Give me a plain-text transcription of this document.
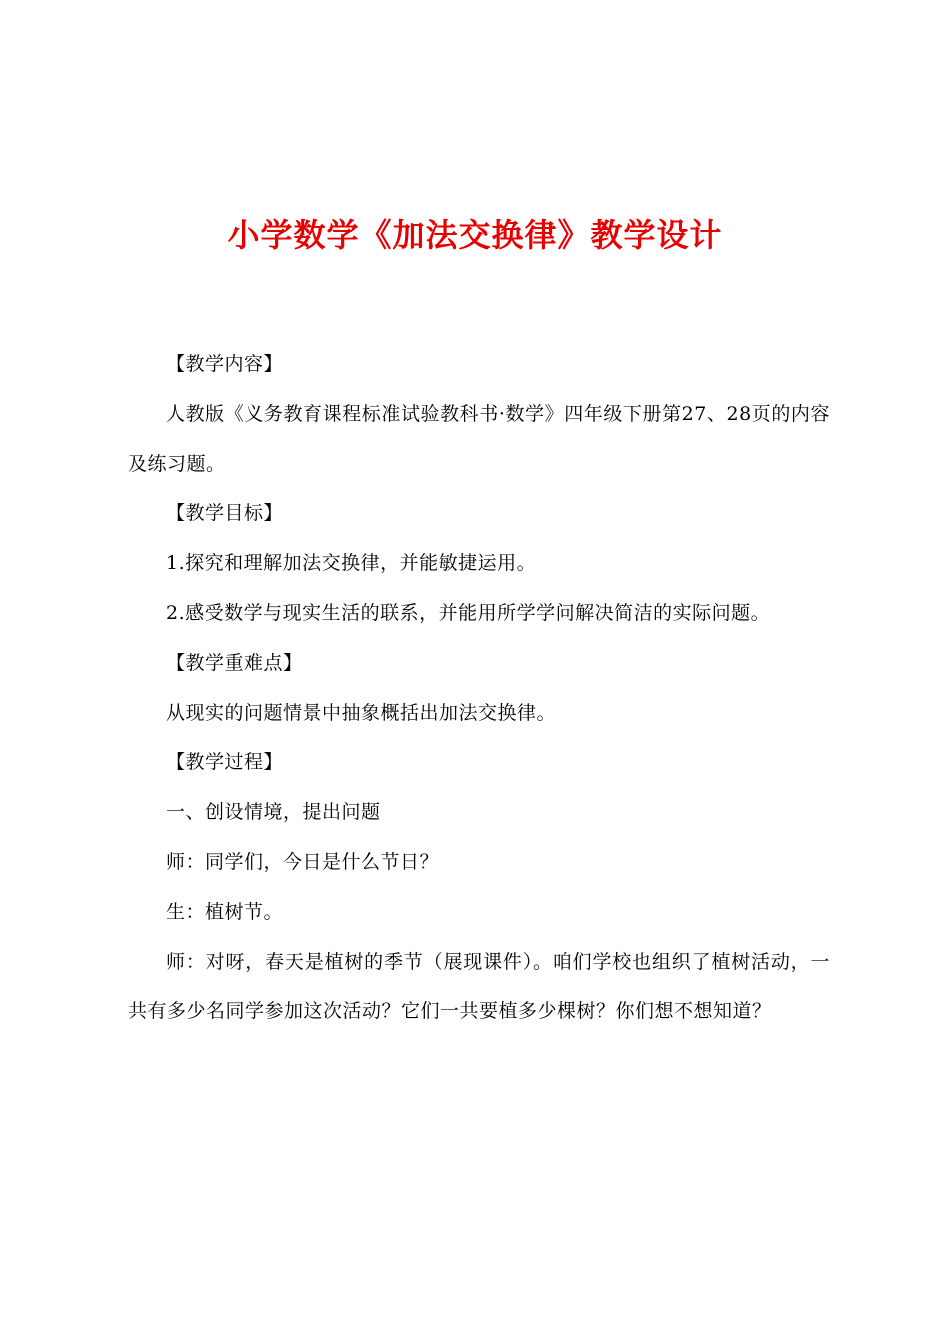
小学数学《加法交换律》教学设计

【教学内容】

人教版《义务教育课程标准试验教科书·数学》四年级下册第27、28页的内容及练习题。

【教学目标】

1.探究和理解加法交换律，并能敏捷运用。

2.感受数学与现实生活的联系，并能用所学学问解决简洁的实际问题。

【教学重难点】

从现实的问题情景中抽象概括出加法交换律。

【教学过程】

一、创设情境，提出问题

师：同学们，今日是什么节日？

生：植树节。

师：对呀，春天是植树的季节（展现课件）。咱们学校也组织了植树活动，一共有多少名同学参加这次活动？它们一共要植多少棵树？你们想不想知道？
